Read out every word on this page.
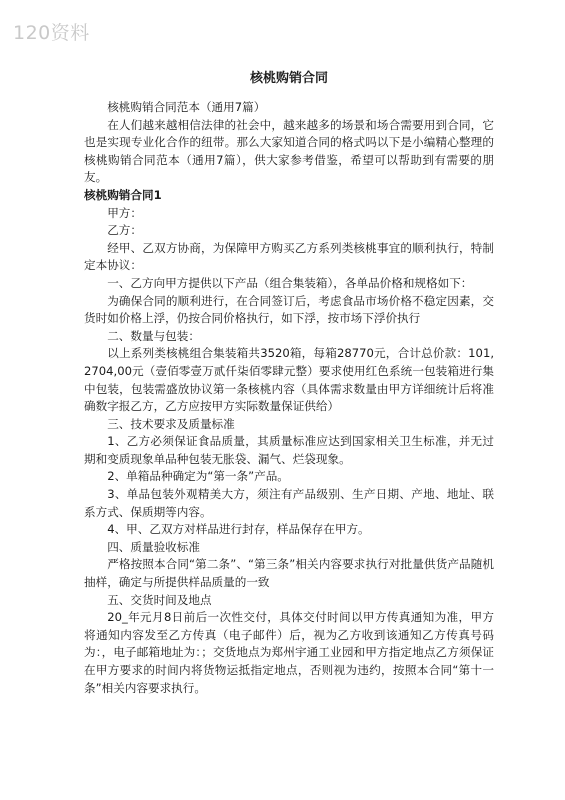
120资料
核桃购销合同

核桃购销合同范本（通用7篇）

在人们越来越相信法律的社会中，越来越多的场景和场合需要用到合同，它也是实现专业化合作的纽带。那么大家知道合同的格式吗以下是小编精心整理的核桃购销合同范本（通用7篇），供大家参考借鉴，希望可以帮助到有需要的朋友。

核桃购销合同1

甲方：

乙方：

经甲、乙双方协商，为保障甲方购买乙方系列类核桃事宜的顺利执行，特制定本协议：

一、乙方向甲方提供以下产品（组合集装箱），各单品价格和规格如下：

为确保合同的顺利进行，在合同签订后，考虑食品市场价格不稳定因素，交货时如价格上浮，仍按合同价格执行，如下浮，按市场下浮价执行

二、数量与包装：

以上系列类核桃组合集装箱共3520箱，每箱28770元，合计总价款：101,2704,00元（壹佰零壹万贰仟柒佰零肆元整）要求使用红色系统一包装箱进行集中包装，包装需盛放协议第一条核桃内容（具体需求数量由甲方详细统计后将准确数字报乙方，乙方应按甲方实际数量保证供给）

三、技术要求及质量标准

1、乙方必须保证食品质量，其质量标准应达到国家相关卫生标准，并无过期和变质现象单品种包装无胀袋、漏气、烂袋现象。

2、单箱品种确定为“第一条”产品。

3、单品包装外观精美大方，须注有产品级别、生产日期、产地、地址、联系方式、保质期等内容。

4、甲、乙双方对样品进行封存，样品保存在甲方。

四、质量验收标准

严格按照本合同“第二条”、“第三条”相关内容要求执行对批量供货产品随机抽样，确定与所提供样品质量的一致

五、交货时间及地点

20_年元月8日前后一次性交付，具体交付时间以甲方传真通知为准，甲方将通知内容发至乙方传真（电子邮件）后，视为乙方收到该通知乙方传真号码为：，电子邮箱地址为：；交货地点为郑州宇通工业园和甲方指定地点乙方须保证在甲方要求的时间内将货物运抵指定地点，否则视为违约，按照本合同“第十一条”相关内容要求执行。
